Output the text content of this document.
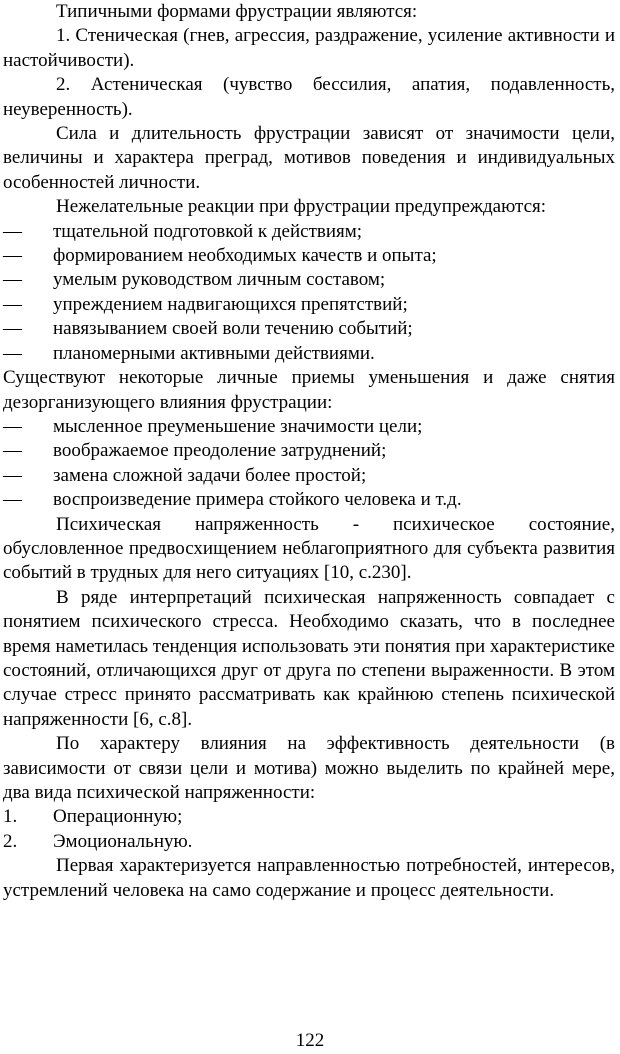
Типичными формами фрустрации являются:

1. Стеническая (гнев, агрессия, раздражение, усиление активности и настойчивости).

2. Астеническая (чувство бессилия, апатия, подавленность, неуверенность).

Сила и длительность фрустрации зависят от значимости цели, величины и характера преград, мотивов поведения и индивидуальных особенностей личности.

Нежелательные реакции при фрустрации предупреждаются:

—	тщательной подготовкой к действиям;
—	формированием необходимых качеств и опыта;
—	умелым руководством личным составом;
—	упреждением надвигающихся препятствий;
—	навязыванием своей воли течению событий;
—	планомерными активными действиями.

Существуют некоторые личные приемы уменьшения и даже снятия дезорганизующего влияния фрустрации:

—	мысленное преуменьшение значимости цели;
—	воображаемое преодоление затруднений;
—	замена сложной задачи более простой;
—	воспроизведение примера стойкого человека и т.д.

Психическая напряженность - психическое состояние, обусловленное предвосхищением неблагоприятного для субъекта развития событий в трудных для него ситуациях [10, с.230].

В ряде интерпретаций психическая напряженность совпадает с понятием психического стресса. Необходимо сказать, что в последнее время наметилась тенденция использовать эти понятия при характеристике состояний, отличающихся друг от друга по степени выраженности. В этом случае стресс принято рассматривать как крайнюю степень психической напряженности [6, с.8].

По характеру влияния на эффективность деятельности (в зависимости от связи цели и мотива) можно выделить по крайней мере, два вида психической напряженности:

1.	Операционную;
2.	Эмоциональную.

Первая характеризуется направленностью потребностей, интересов, устремлений человека на само содержание и процесс деятельности.

122
